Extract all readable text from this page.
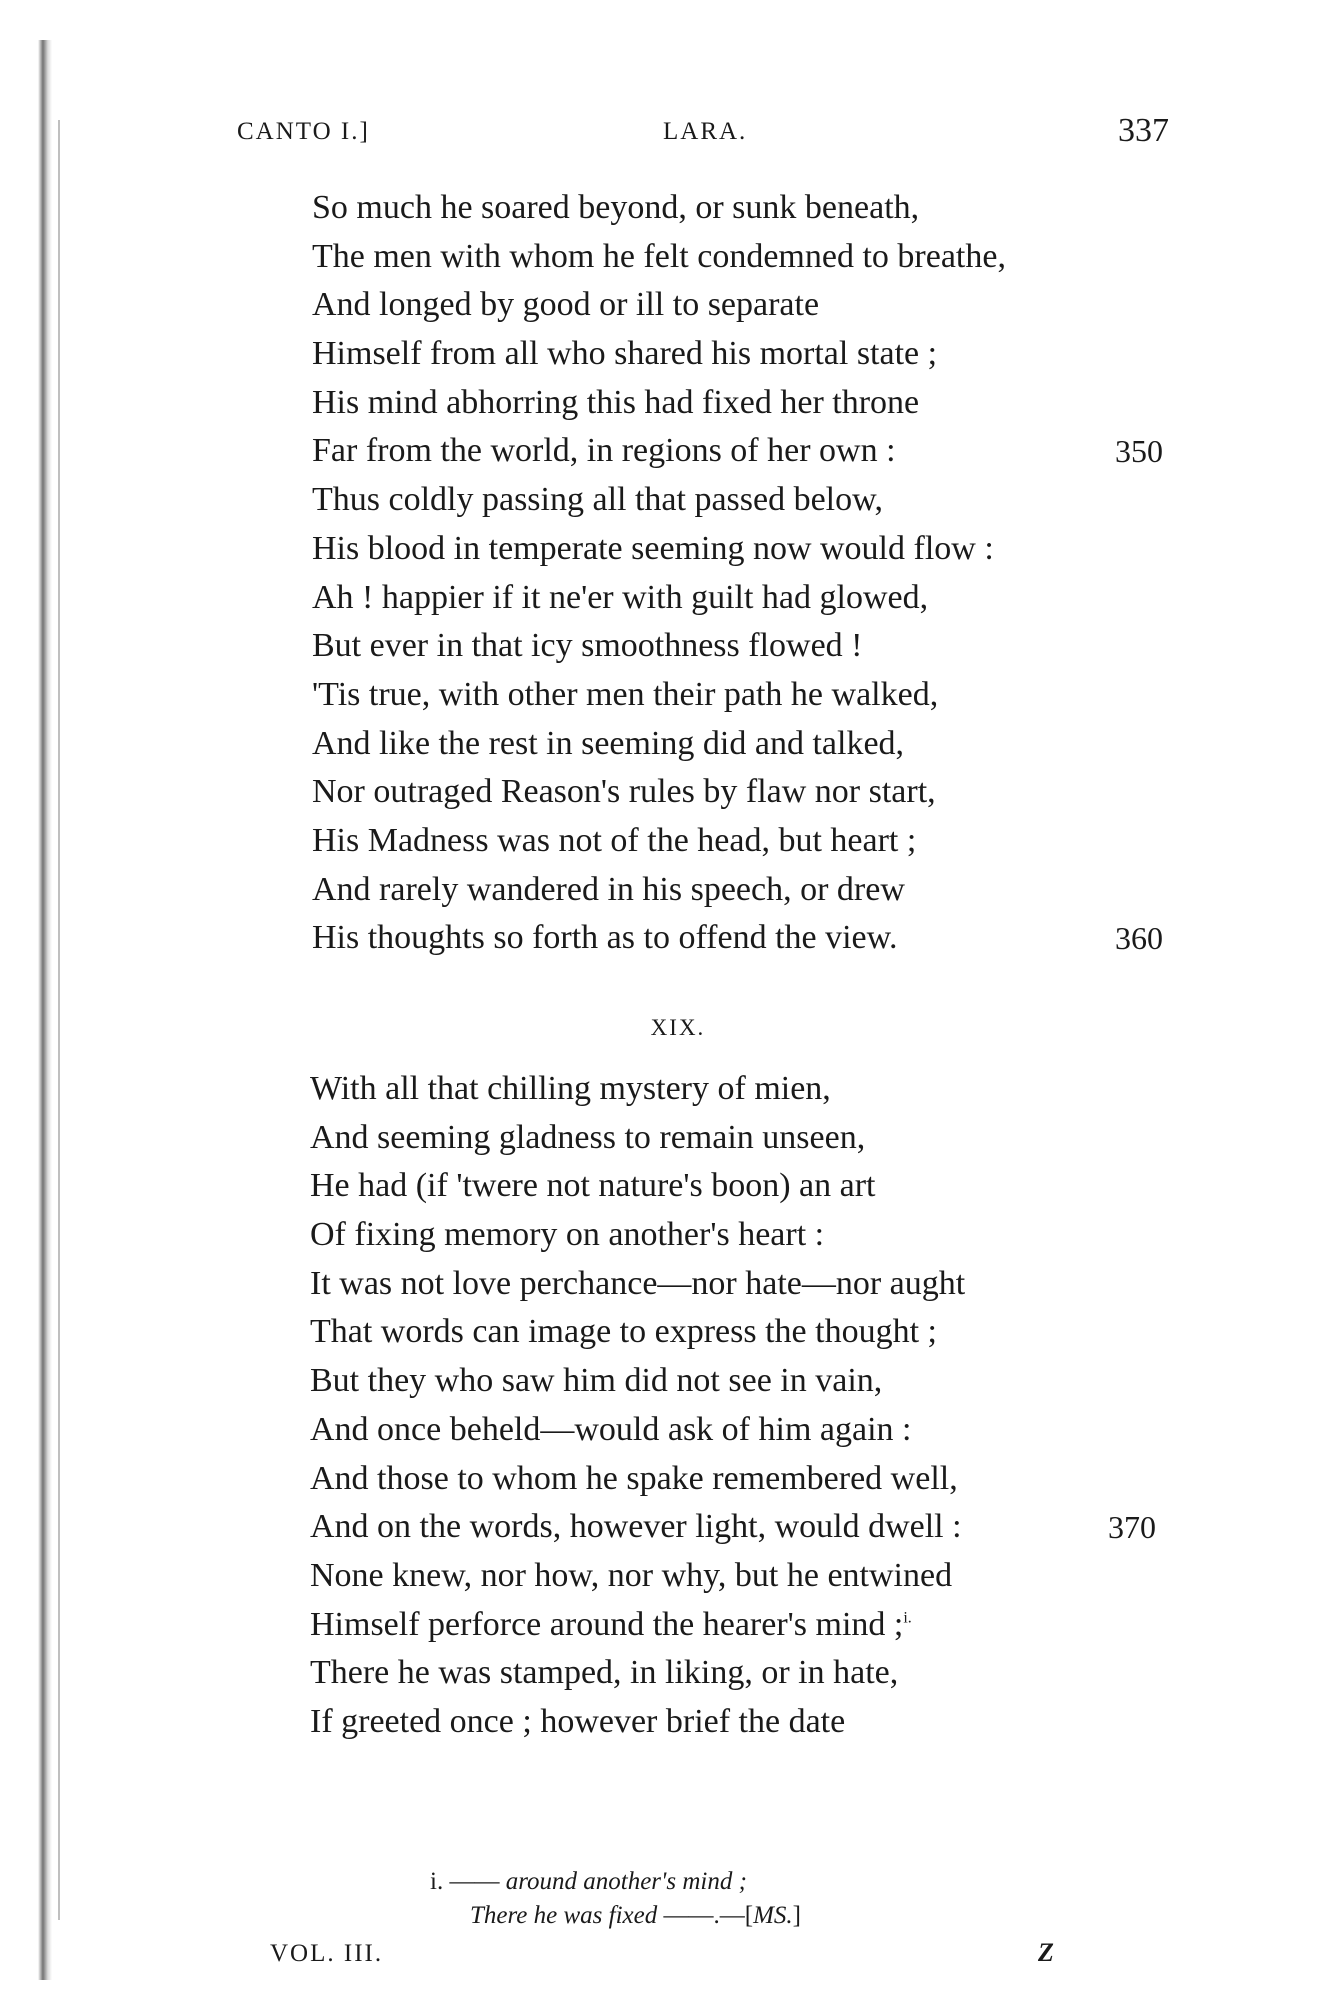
CANTO I.]	LARA.	337
So much he soared beyond, or sunk beneath,
The men with whom he felt condemned to breathe,
And longed by good or ill to separate
Himself from all who shared his mortal state ;
His mind abhorring this had fixed her throne
Far from the world, in regions of her own :	350
Thus coldly passing all that passed below,
His blood in temperate seeming now would flow :
Ah ! happier if it ne'er with guilt had glowed,
But ever in that icy smoothness flowed !
'Tis true, with other men their path he walked,
And like the rest in seeming did and talked,
Nor outraged Reason's rules by flaw nor start,
His Madness was not of the head, but heart ;
And rarely wandered in his speech, or drew
His thoughts so forth as to offend the view.	360
XIX.
With all that chilling mystery of mien,
And seeming gladness to remain unseen,
He had (if 'twere not nature's boon) an art
Of fixing memory on another's heart :
It was not love perchance—nor hate—nor aught
That words can image to express the thought ;
But they who saw him did not see in vain,
And once beheld—would ask of him again :
And those to whom he spake remembered well,
And on the words, however light, would dwell :	370
None knew, nor how, nor why, but he entwined
Himself perforce around the hearer's mind ;$^{i.}$
There he was stamped, in liking, or in hate,
If greeted once ; however brief the date
i. —— around another's mind ;
There he was fixed ——.—[MS.]
VOL. III.	Z
